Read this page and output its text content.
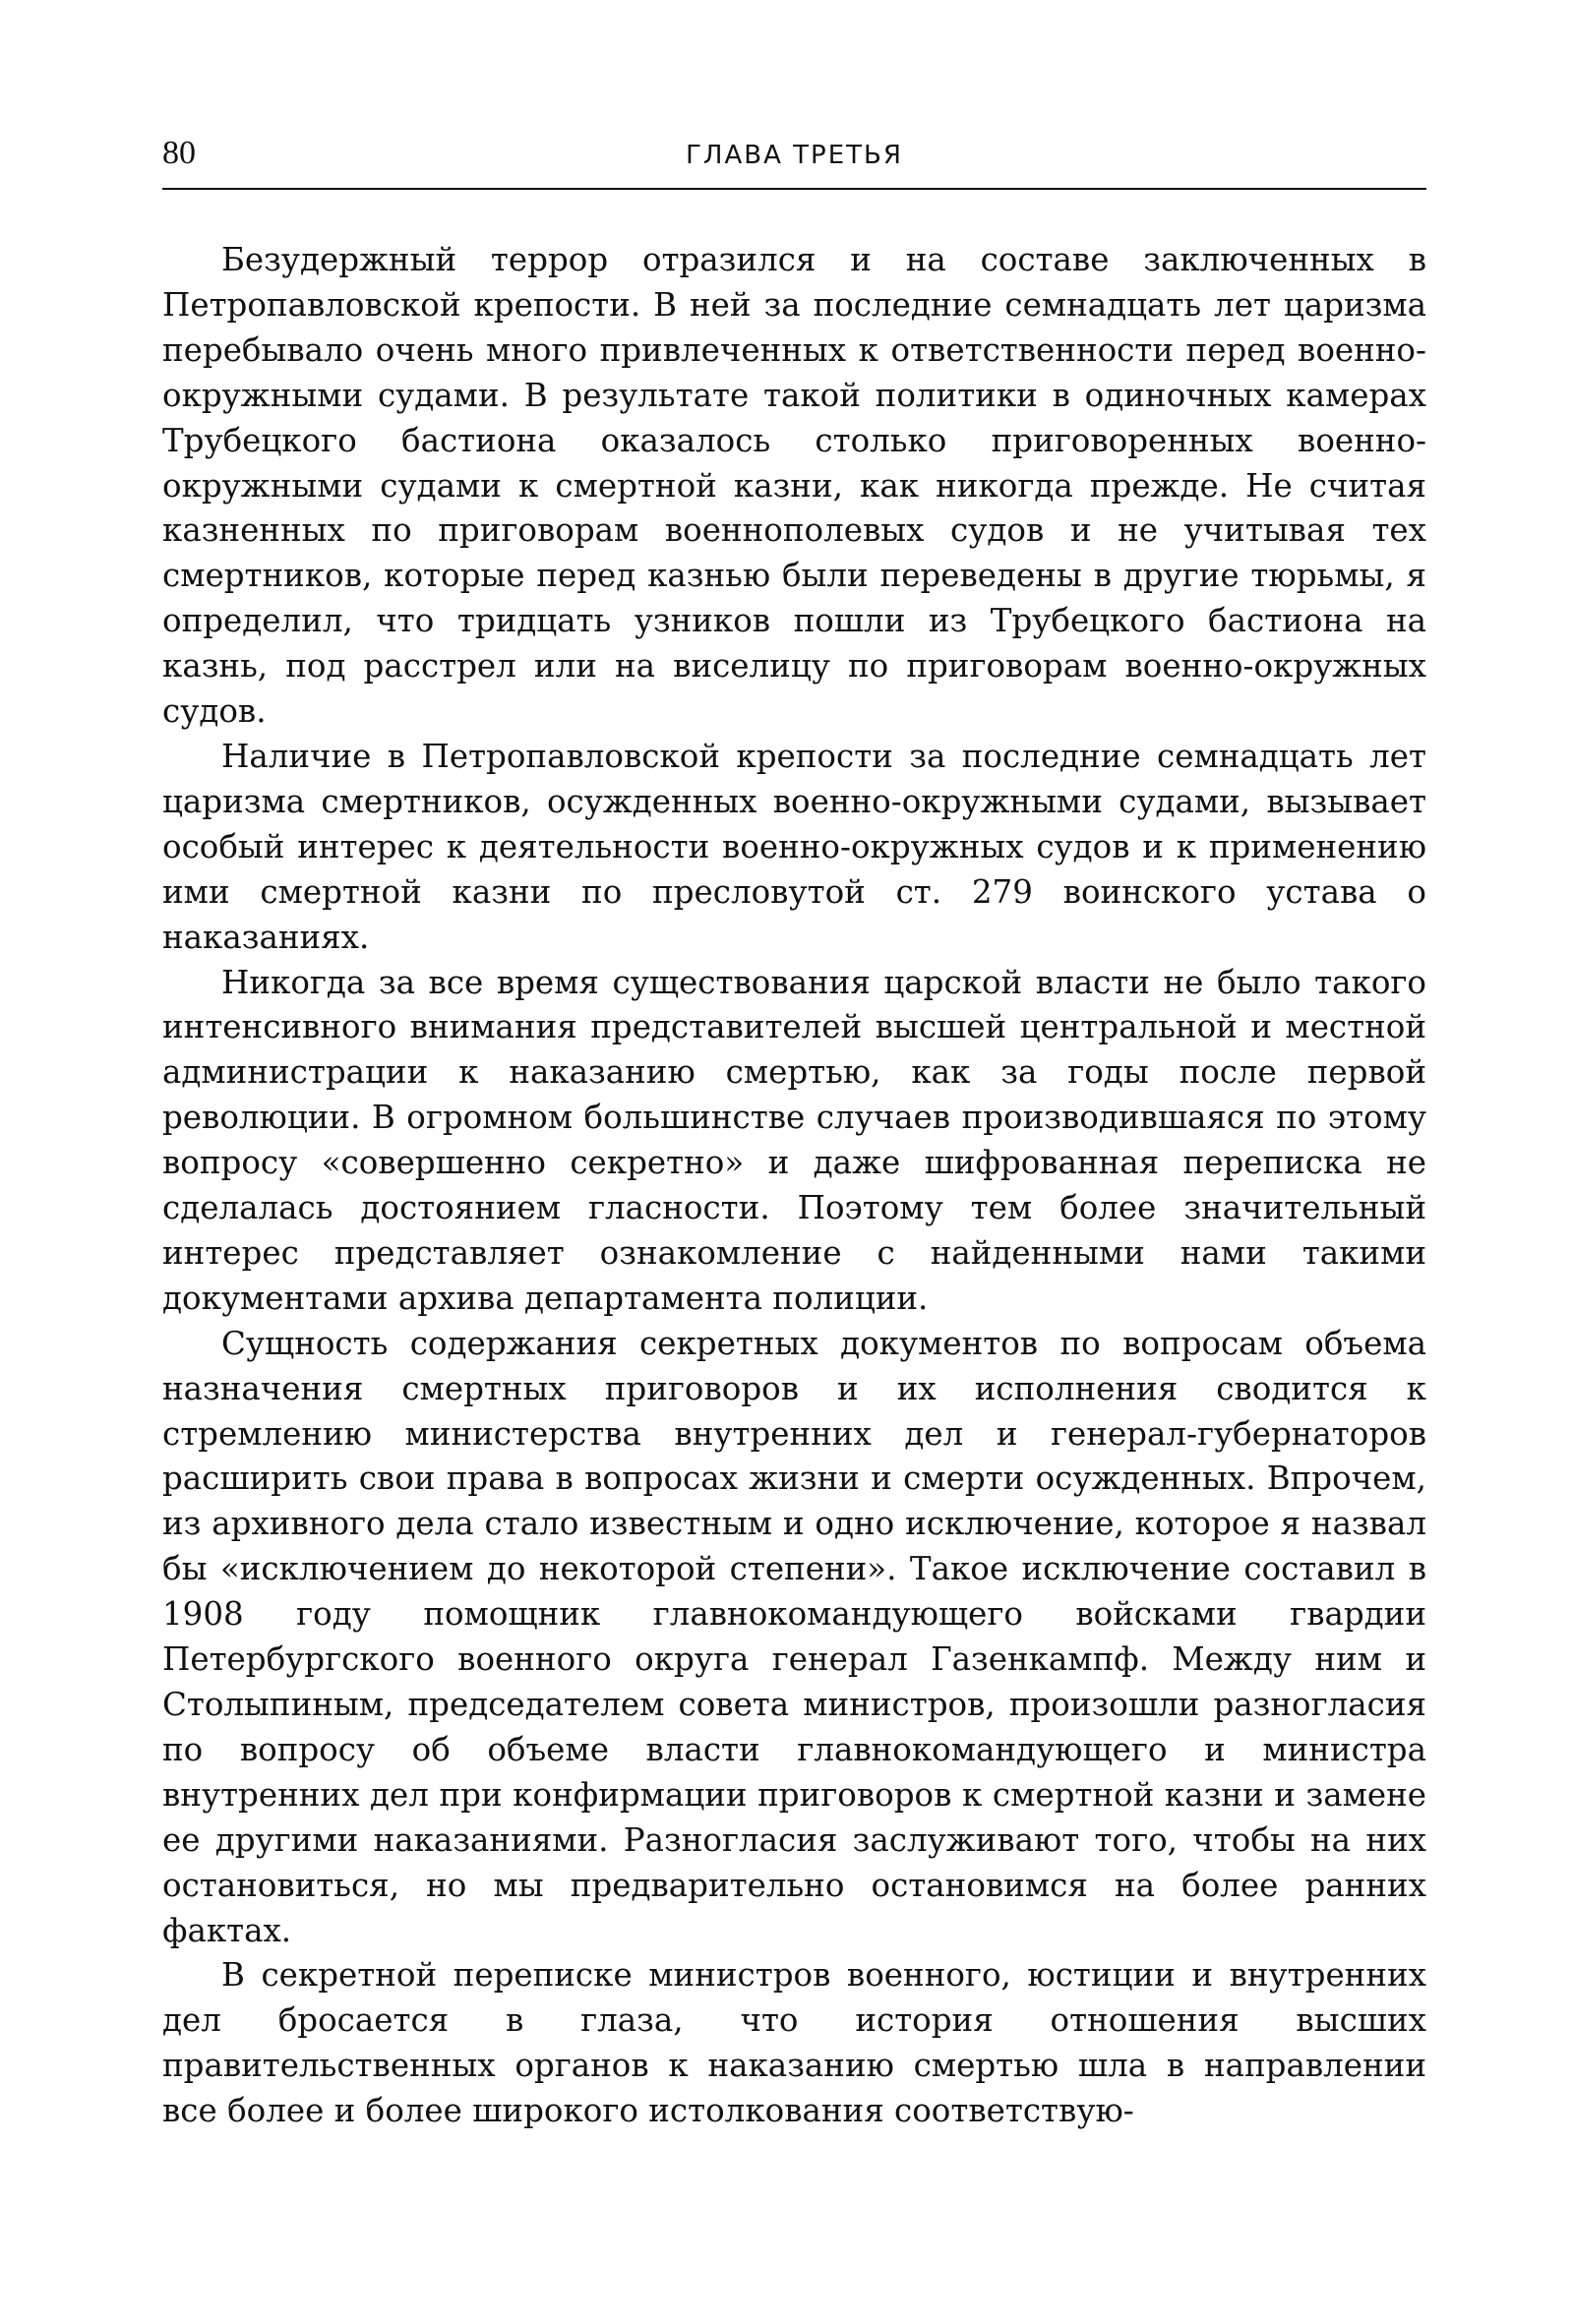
80	ГЛАВА ТРЕТЬЯ

Безудержный террор отразился и на составе заключенных в Петропавловской крепости. В ней за последние семнадцать лет царизма перебывало очень много привлеченных к ответственности перед военно-окружными судами. В результате такой политики в одиночных камерах Трубецкого бастиона оказалось столько приговоренных военно-окружными судами к смертной казни, как никогда прежде. Не считая казненных по приговорам военнополевых судов и не учитывая тех смертников, которые перед казнью были переведены в другие тюрьмы, я определил, что тридцать узников пошли из Трубецкого бастиона на казнь, под расстрел или на виселицу по приговорам военно-окружных судов.

Наличие в Петропавловской крепости за последние семнадцать лет царизма смертников, осужденных военно-окружными судами, вызывает особый интерес к деятельности военно-окружных судов и к применению ими смертной казни по пресловутой ст. 279 воинского устава о наказаниях.

Никогда за все время существования царской власти не было такого интенсивного внимания представителей высшей центральной и местной администрации к наказанию смертью, как за годы после первой революции. В огромном большинстве случаев производившаяся по этому вопросу «совершенно секретно» и даже шифрованная переписка не сделалась достоянием гласности. Поэтому тем более значительный интерес представляет ознакомление с найденными нами такими документами архива департамента полиции.

Сущность содержания секретных документов по вопросам объема назначения смертных приговоров и их исполнения сводится к стремлению министерства внутренних дел и генерал-губернаторов расширить свои права в вопросах жизни и смерти осужденных. Впрочем, из архивного дела стало известным и одно исключение, которое я назвал бы «исключением до некоторой степени». Такое исключение составил в 1908 году помощник главнокомандующего войсками гвардии Петербургского военного округа генерал Газенкампф. Между ним и Столыпиным, председателем совета министров, произошли разногласия по вопросу об объеме власти главнокомандующего и министра внутренних дел при конфирмации приговоров к смертной казни и замене ее другими наказаниями. Разногласия заслуживают того, чтобы на них остановиться, но мы предварительно остановимся на более ранних фактах.

В секретной переписке министров военного, юстиции и внутренних дел бросается в глаза, что история отношения высших правительственных органов к наказанию смертью шла в направлении все более и более широкого истолкования соответствую-
